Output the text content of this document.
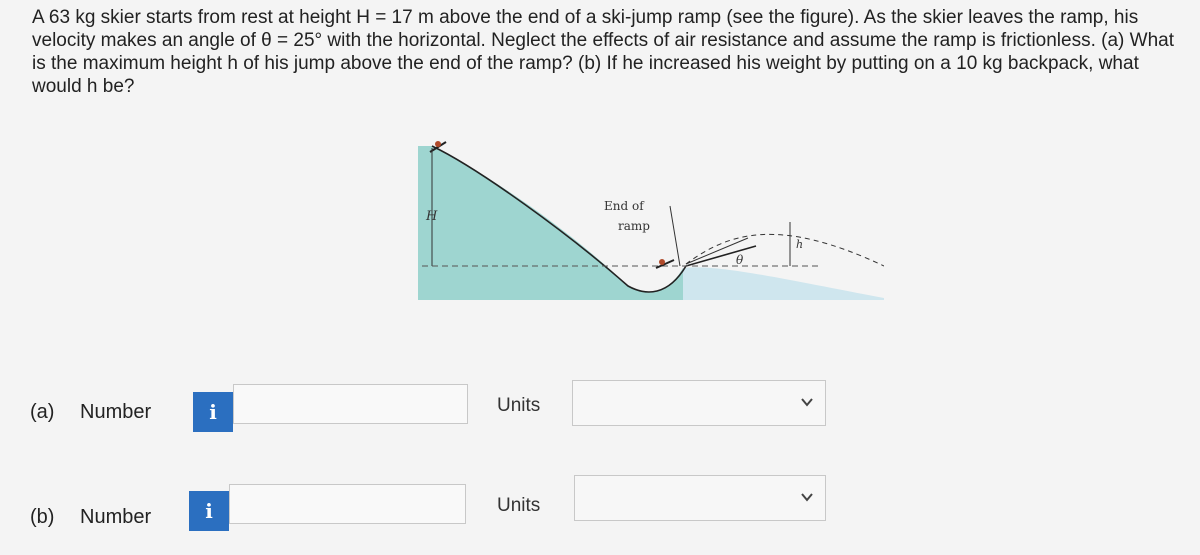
A 63 kg skier starts from rest at height H = 17 m above the end of a ski-jump ramp (see the figure). As the skier leaves the ramp, his velocity makes an angle of θ = 25° with the horizontal. Neglect the effects of air resistance and assume the ramp is frictionless. (a) What is the maximum height h of his jump above the end of the ramp? (b) If he increased his weight by putting on a 10 kg backpack, what would h be?
H
End of
ramp
θ
h
(a) Number	i	Units
(b) Number	i	Units
